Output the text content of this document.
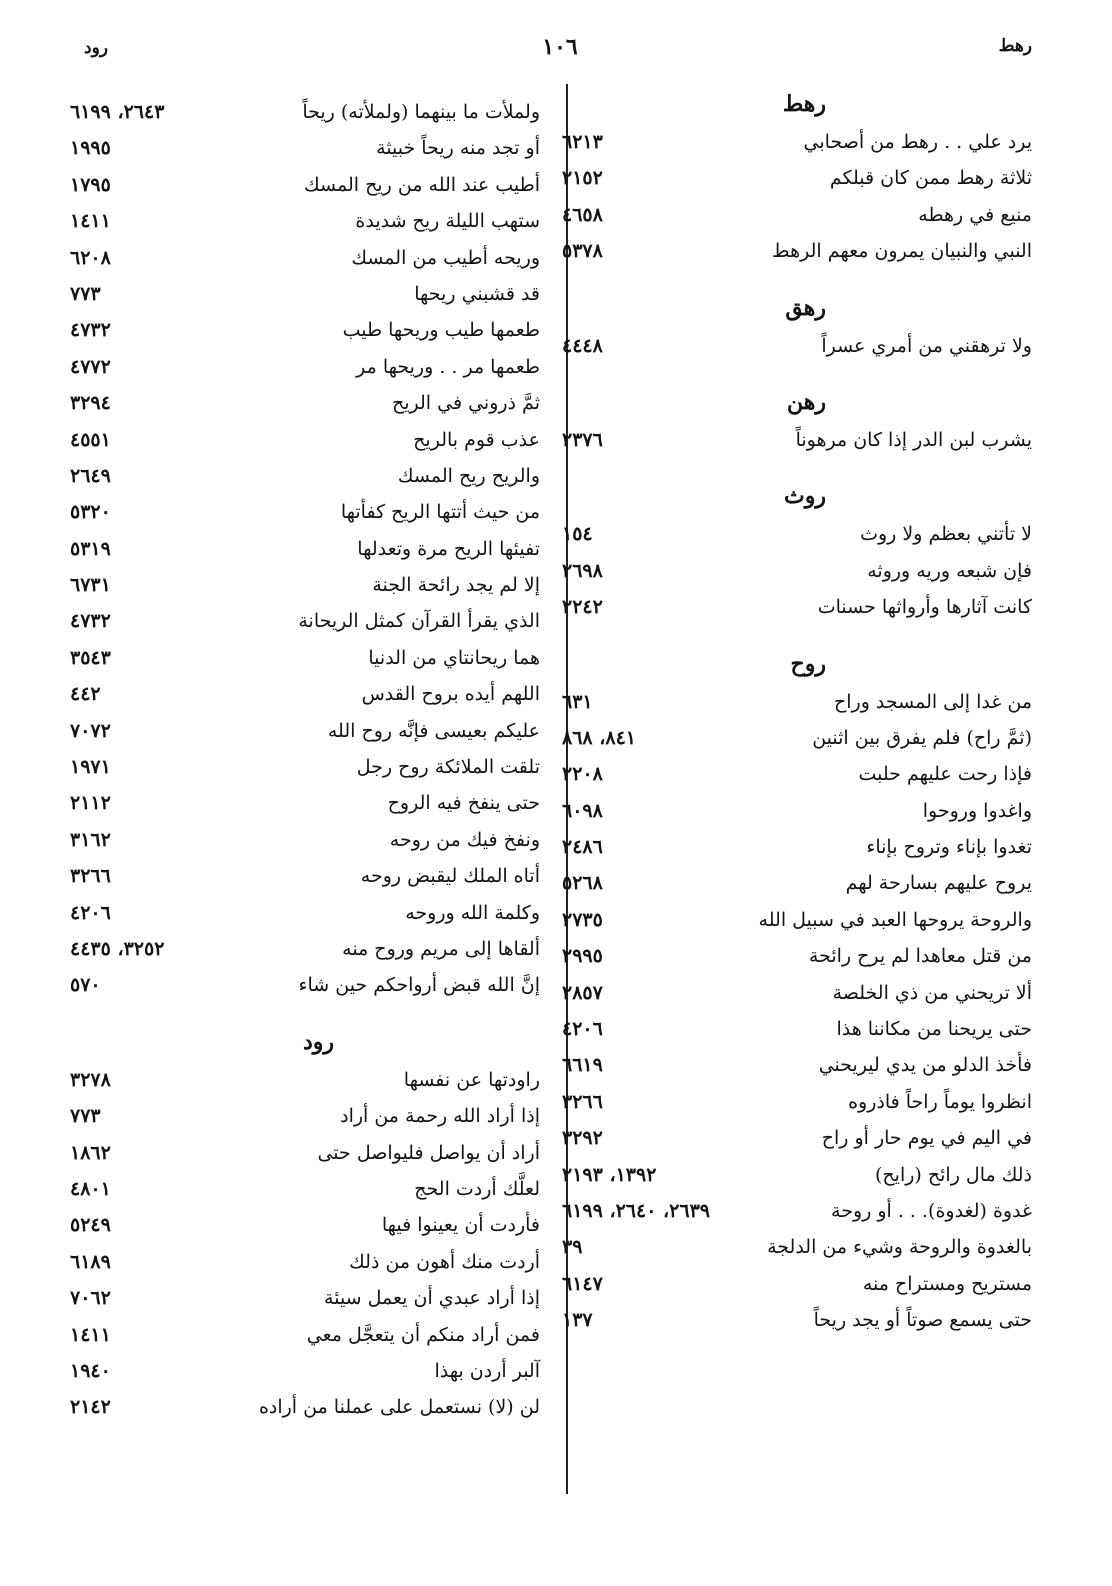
رهط
١٠٦
رود
رهط
يرد علي . . رهط من أصحابي
٦٢١٣
ثلاثة رهط ممن كان قبلكم
٢١٥٢
منيع في رهطه
٤٦٥٨
النبي والنبيان يمرون معهم الرهط
٥٣٧٨
رهق
ولا ترهقني من أمري عسراً
٤٤٤٨
رهن
يشرب لبن الدر إذا كان مرهوناً
٢٣٧٦
روث
لا تأتني بعظم ولا روث
١٥٤
فإن شبعه وريه وروثه
٢٦٩٨
كانت آثارها وأرواثها حسنات
٢٢٤٢
روح
من غدا إلى المسجد وراح
٦٣١
(ثمَّ راح) فلم يفرق بين اثنين
٨٤١، ٨٦٨
فإذا رحت عليهم حلبت
٢٢٠٨
واغدوا وروحوا
٦٠٩٨
تغدوا بإناء وتروح بإناء
٢٤٨٦
يروح عليهم بسارحة لهم
٥٢٦٨
والروحة يروحها العبد في سبيل الله
٢٧٣٥
من قتل معاهدا لم يرح رائحة
٢٩٩٥
ألا تريحني من ذي الخلصة
٢٨٥٧
حتى يريحنا من مكاننا هذا
٤٢٠٦
فأخذ الدلو من يدي ليريحني
٦٦١٩
انظروا يوماً راحاً فاذروه
٣٢٦٦
في اليم في يوم حار أو راح
٣٢٩٢
ذلك مال رائح (رايح)
١٣٩٢، ٢١٩٣
غدوة (لغدوة). . . أو روحة
٢٦٣٩، ٢٦٤٠، ٦١٩٩
بالغدوة والروحة وشيء من الدلجة
٣٩
مستريح ومستراح منه
٦١٤٧
حتى يسمع صوتاً أو يجد ريحاً
١٣٧
ولملأت ما بينهما (ولملأته) ريحاً
٢٦٤٣، ٦١٩٩
أو تجد منه ريحاً خبيثة
١٩٩٥
أطيب عند الله من ريح المسك
١٧٩٥
ستهب الليلة ريح شديدة
١٤١١
وريحه أطيب من المسك
٦٢٠٨
قد قشبني ريحها
٧٧٣
طعمها طيب وريحها طيب
٤٧٣٢
طعمها مر . . وريحها مر
٤٧٧٢
ثمَّ ذروني في الريح
٣٢٩٤
عذب قوم بالريح
٤٥٥١
والريح ريح المسك
٢٦٤٩
من حيث أتتها الريح كفأتها
٥٣٢٠
تفيئها الريح مرة وتعدلها
٥٣١٩
إلا لم يجد رائحة الجنة
٦٧٣١
الذي يقرأ القرآن كمثل الريحانة
٤٧٣٢
هما ريحانتاي من الدنيا
٣٥٤٣
اللهم أيده بروح القدس
٤٤٢
عليكم بعيسى فإنَّه روح الله
٧٠٧٢
تلقت الملائكة روح رجل
١٩٧١
حتى ينفخ فيه الروح
٢١١٢
ونفخ فيك من روحه
٣١٦٢
أتاه الملك ليقبض روحه
٣٢٦٦
وكلمة الله وروحه
٤٢٠٦
ألقاها إلى مريم وروح منه
٣٢٥٢، ٤٤٣٥
إنَّ الله قبض أرواحكم حين شاء
٥٧٠
رود
راودتها عن نفسها
٣٢٧٨
إذا أراد الله رحمة من أراد
٧٧٣
أراد أن يواصل فليواصل حتى
١٨٦٢
لعلَّك أردت الحج
٤٨٠١
فأردت أن يعينوا فيها
٥٢٤٩
أردت منك أهون من ذلك
٦١٨٩
إذا أراد عبدي أن يعمل سيئة
٧٠٦٢
فمن أراد منكم أن يتعجَّل معي
١٤١١
آلبر أردن بهذا
١٩٤٠
لن (لا) نستعمل على عملنا من أراده
٢١٤٢
